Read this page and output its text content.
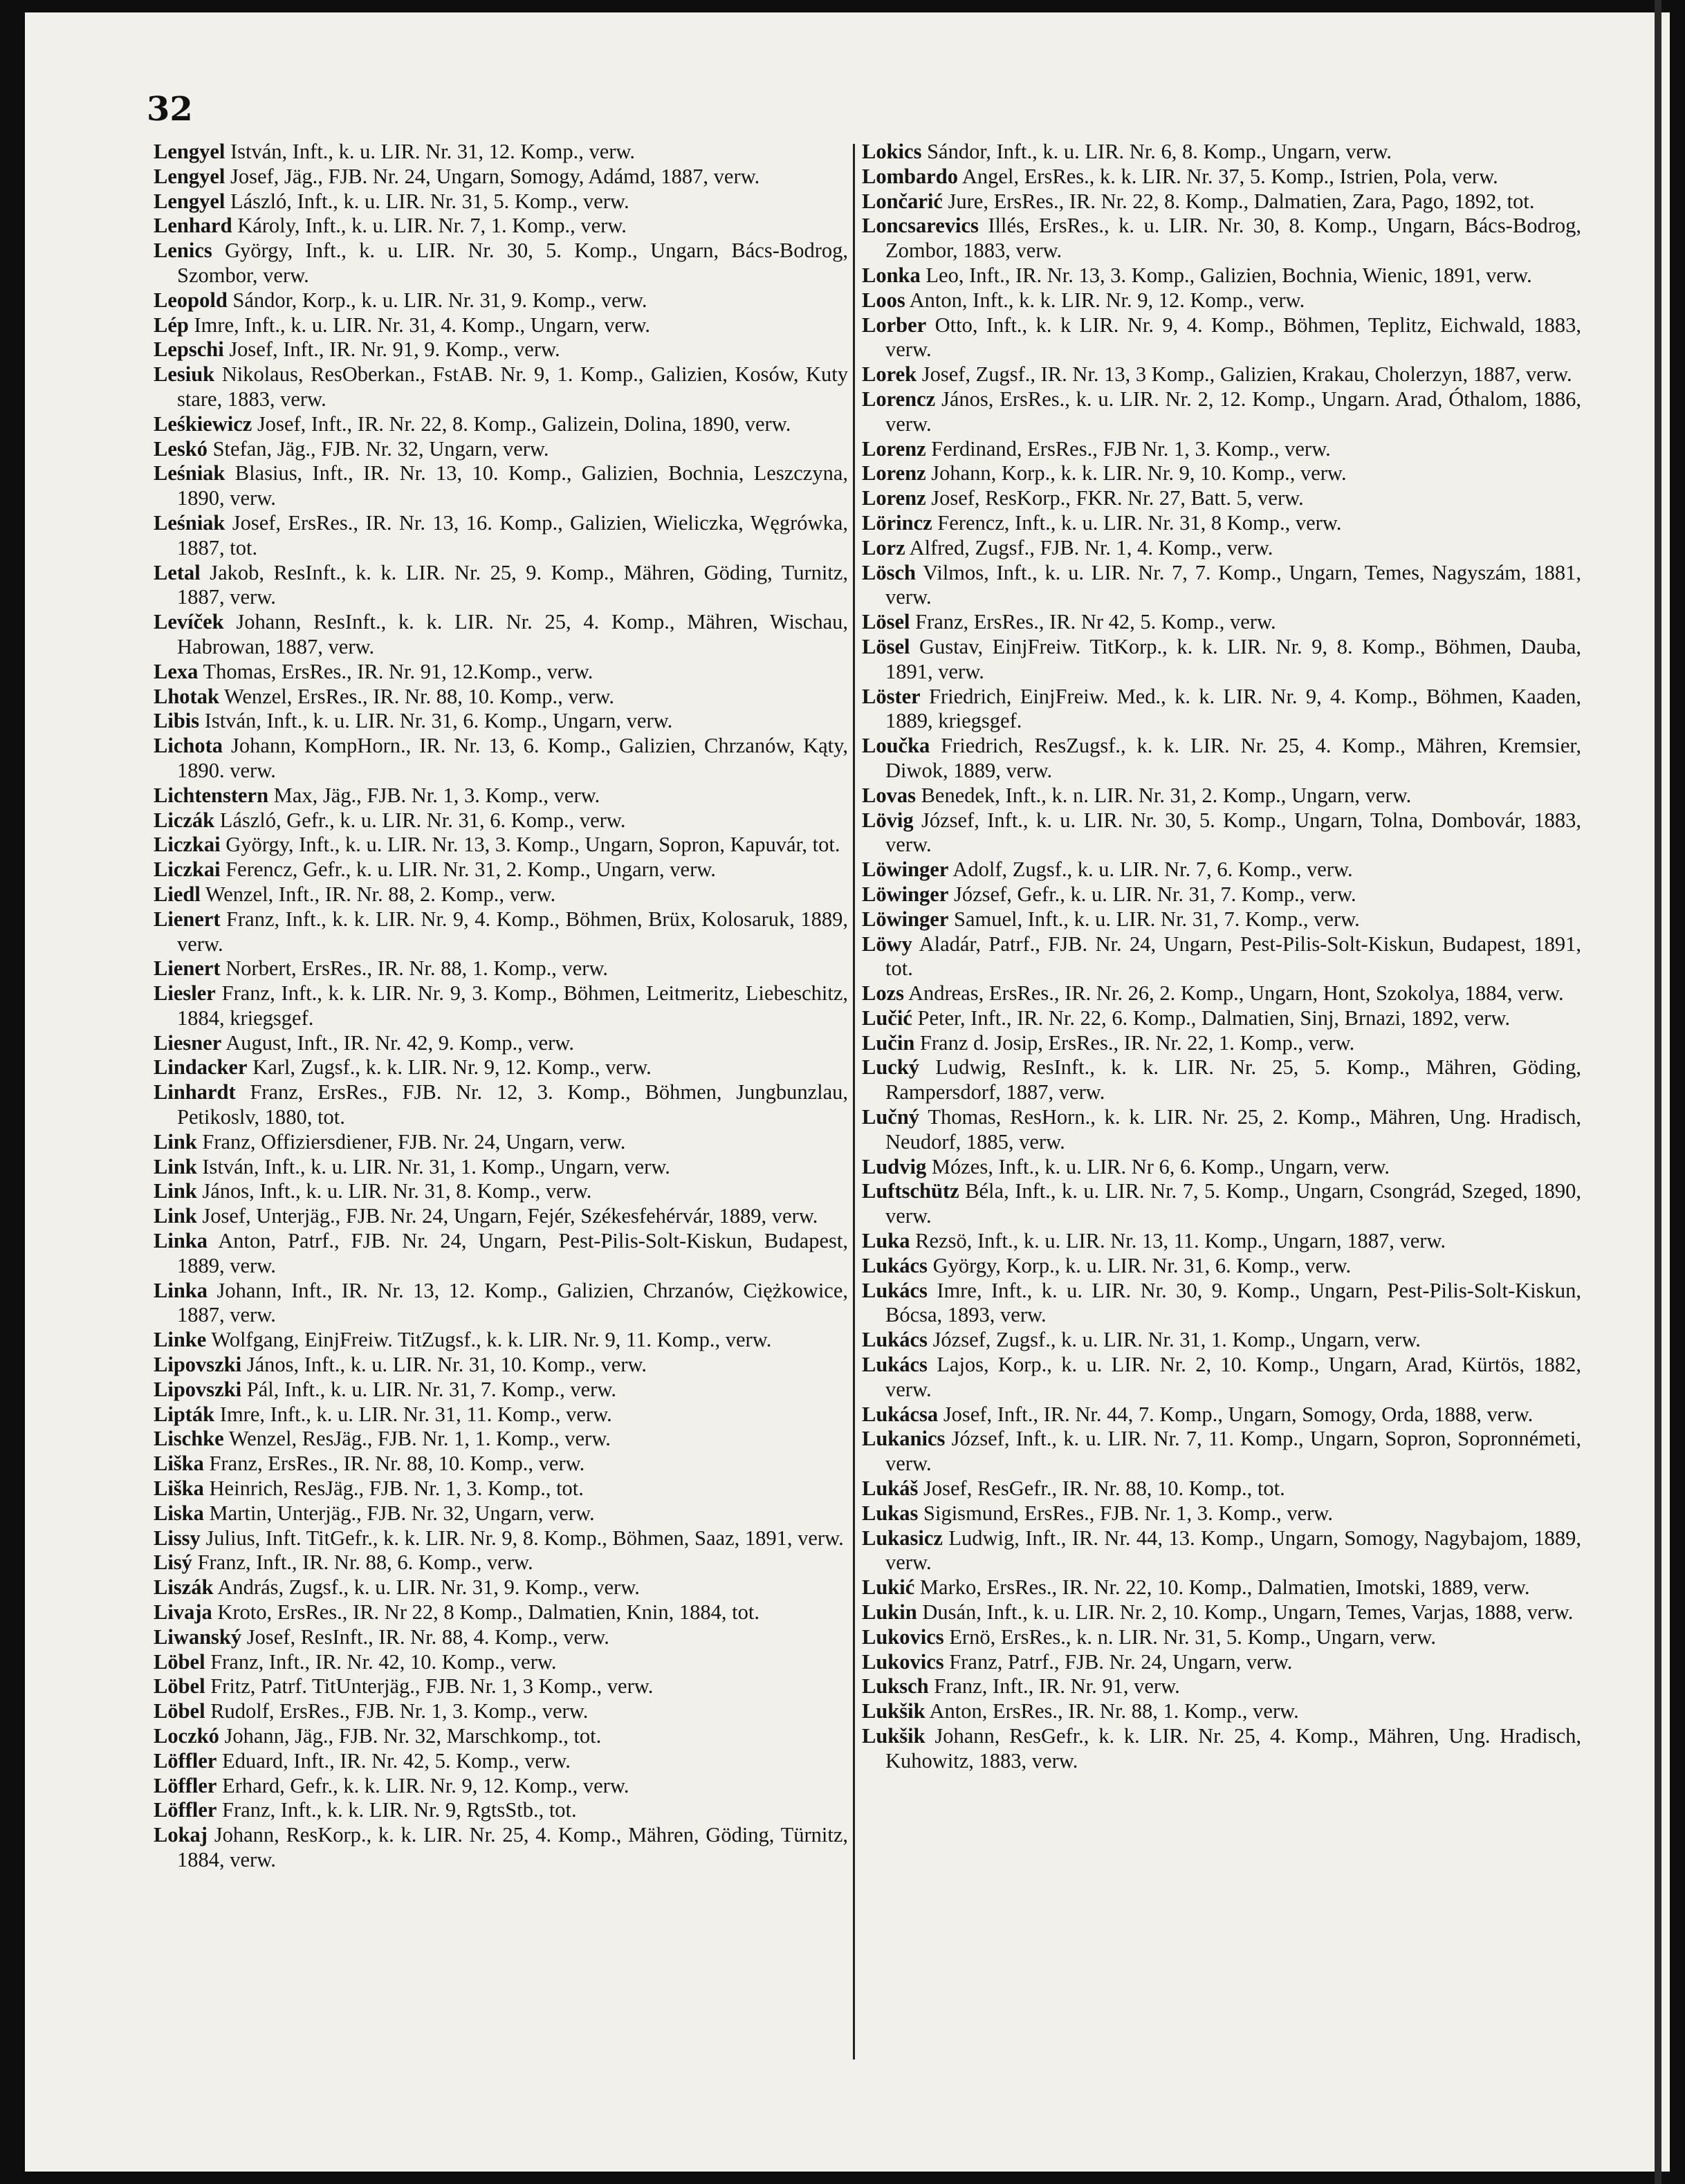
32

Lengyel István, Inft., k. u. LIR. Nr. 31, 12. Komp., verw.

Lengyel Josef, Jäg., FJB. Nr. 24, Ungarn, Somogy, Adámd, 1887, verw.

Lengyel László, Inft., k. u. LIR. Nr. 31, 5. Komp., verw.

Lenhard Károly, Inft., k. u. LIR. Nr. 7, 1. Komp., verw.

Lenics György, Inft., k. u. LIR. Nr. 30, 5. Komp., Ungarn, Bács-Bodrog, Szombor, verw.

Leopold Sándor, Korp., k. u. LIR. Nr. 31, 9. Komp., verw.

Lép Imre, Inft., k. u. LIR. Nr. 31, 4. Komp., Ungarn, verw.

Lepschi Josef, Inft., IR. Nr. 91, 9. Komp., verw.

Lesiuk Nikolaus, ResOberkan., FstAB. Nr. 9, 1. Komp., Galizien, Kosów, Kuty stare, 1883, verw.

Leśkiewicz Josef, Inft., IR. Nr. 22, 8. Komp., Galizein, Dolina, 1890, verw.

Leskó Stefan, Jäg., FJB. Nr. 32, Ungarn, verw.

Leśniak Blasius, Inft., IR. Nr. 13, 10. Komp., Galizien, Bochnia, Leszczyna, 1890, verw.

Leśniak Josef, ErsRes., IR. Nr. 13, 16. Komp., Galizien, Wieliczka, Węgrówka, 1887, tot.

Letal Jakob, ResInft., k. k. LIR. Nr. 25, 9. Komp., Mähren, Göding, Turnitz, 1887, verw.

Levíček Johann, ResInft., k. k. LIR. Nr. 25, 4. Komp., Mähren, Wischau, Habrowan, 1887, verw.

Lexa Thomas, ErsRes., IR. Nr. 91, 12.Komp., verw.

Lhotak Wenzel, ErsRes., IR. Nr. 88, 10. Komp., verw.

Libis István, Inft., k. u. LIR. Nr. 31, 6. Komp., Ungarn, verw.

Lichota Johann, KompHorn., IR. Nr. 13, 6. Komp., Galizien, Chrzanów, Kąty, 1890. verw.

Lichtenstern Max, Jäg., FJB. Nr. 1, 3. Komp., verw.

Liczák László, Gefr., k. u. LIR. Nr. 31, 6. Komp., verw.

Liczkai György, Inft., k. u. LIR. Nr. 13, 3. Komp., Ungarn, Sopron, Kapuvár, tot.

Liczkai Ferencz, Gefr., k. u. LIR. Nr. 31, 2. Komp., Ungarn, verw.

Liedl Wenzel, Inft., IR. Nr. 88, 2. Komp., verw.

Lienert Franz, Inft., k. k. LIR. Nr. 9, 4. Komp., Böhmen, Brüx, Kolosaruk, 1889, verw.

Lienert Norbert, ErsRes., IR. Nr. 88, 1. Komp., verw.

Liesler Franz, Inft., k. k. LIR. Nr. 9, 3. Komp., Böhmen, Leitmeritz, Liebeschitz, 1884, kriegsgef.

Liesner August, Inft., IR. Nr. 42, 9. Komp., verw.

Lindacker Karl, Zugsf., k. k. LIR. Nr. 9, 12. Komp., verw.

Linhardt Franz, ErsRes., FJB. Nr. 12, 3. Komp., Böhmen, Jungbunzlau, Petikoslv, 1880, tot.

Link Franz, Offiziersdiener, FJB. Nr. 24, Ungarn, verw.

Link István, Inft., k. u. LIR. Nr. 31, 1. Komp., Ungarn, verw.

Link János, Inft., k. u. LIR. Nr. 31, 8. Komp., verw.

Link Josef, Unterjäg., FJB. Nr. 24, Ungarn, Fejér, Székesfehérvár, 1889, verw.

Linka Anton, Patrf., FJB. Nr. 24, Ungarn, Pest-Pilis-Solt-Kiskun, Budapest, 1889, verw.

Linka Johann, Inft., IR. Nr. 13, 12. Komp., Galizien, Chrzanów, Ciężkowice, 1887, verw.

Linke Wolfgang, EinjFreiw. TitZugsf., k. k. LIR. Nr. 9, 11. Komp., verw.

Lipovszki János, Inft., k. u. LIR. Nr. 31, 10. Komp., verw.

Lipovszki Pál, Inft., k. u. LIR. Nr. 31, 7. Komp., verw.

Lipták Imre, Inft., k. u. LIR. Nr. 31, 11. Komp., verw.

Lischke Wenzel, ResJäg., FJB. Nr. 1, 1. Komp., verw.

Liška Franz, ErsRes., IR. Nr. 88, 10. Komp., verw.

Liška Heinrich, ResJäg., FJB. Nr. 1, 3. Komp., tot.

Liska Martin, Unterjäg., FJB. Nr. 32, Ungarn, verw.

Lissy Julius, Inft. TitGefr., k. k. LIR. Nr. 9, 8. Komp., Böhmen, Saaz, 1891, verw.

Lisý Franz, Inft., IR. Nr. 88, 6. Komp., verw.

Liszák András, Zugsf., k. u. LIR. Nr. 31, 9. Komp., verw.

Livaja Kroto, ErsRes., IR. Nr 22, 8 Komp., Dalmatien, Knin, 1884, tot.

Liwanský Josef, ResInft., IR. Nr. 88, 4. Komp., verw.

Löbel Franz, Inft., IR. Nr. 42, 10. Komp., verw.

Löbel Fritz, Patrf. TitUnterjäg., FJB. Nr. 1, 3 Komp., verw.

Löbel Rudolf, ErsRes., FJB. Nr. 1, 3. Komp., verw.

Loczkó Johann, Jäg., FJB. Nr. 32, Marschkomp., tot.

Löffler Eduard, Inft., IR. Nr. 42, 5. Komp., verw.

Löffler Erhard, Gefr., k. k. LIR. Nr. 9, 12. Komp., verw.

Löffler Franz, Inft., k. k. LIR. Nr. 9, RgtsStb., tot.

Lokaj Johann, ResKorp., k. k. LIR. Nr. 25, 4. Komp., Mähren, Göding, Türnitz, 1884, verw.

Lokics Sándor, Inft., k. u. LIR. Nr. 6, 8. Komp., Ungarn, verw.

Lombardo Angel, ErsRes., k. k. LIR. Nr. 37, 5. Komp., Istrien, Pola, verw.

Lončarić Jure, ErsRes., IR. Nr. 22, 8. Komp., Dalmatien, Zara, Pago, 1892, tot.

Loncsarevics Illés, ErsRes., k. u. LIR. Nr. 30, 8. Komp., Ungarn, Bács-Bodrog, Zombor, 1883, verw.

Lonka Leo, Inft., IR. Nr. 13, 3. Komp., Galizien, Bochnia, Wienic, 1891, verw.

Loos Anton, Inft., k. k. LIR. Nr. 9, 12. Komp., verw.

Lorber Otto, Inft., k. k LIR. Nr. 9, 4. Komp., Böhmen, Teplitz, Eichwald, 1883, verw.

Lorek Josef, Zugsf., IR. Nr. 13, 3 Komp., Galizien, Krakau, Cholerzyn, 1887, verw.

Lorencz János, ErsRes., k. u. LIR. Nr. 2, 12. Komp., Ungarn. Arad, Óthalom, 1886, verw.

Lorenz Ferdinand, ErsRes., FJB Nr. 1, 3. Komp., verw.

Lorenz Johann, Korp., k. k. LIR. Nr. 9, 10. Komp., verw.

Lorenz Josef, ResKorp., FKR. Nr. 27, Batt. 5, verw.

Lörincz Ferencz, Inft., k. u. LIR. Nr. 31, 8 Komp., verw.

Lorz Alfred, Zugsf., FJB. Nr. 1, 4. Komp., verw.

Lösch Vilmos, Inft., k. u. LIR. Nr. 7, 7. Komp., Ungarn, Temes, Nagyszám, 1881, verw.

Lösel Franz, ErsRes., IR. Nr 42, 5. Komp., verw.

Lösel Gustav, EinjFreiw. TitKorp., k. k. LIR. Nr. 9, 8. Komp., Böhmen, Dauba, 1891, verw.

Löster Friedrich, EinjFreiw. Med., k. k. LIR. Nr. 9, 4. Komp., Böhmen, Kaaden, 1889, kriegsgef.

Loučka Friedrich, ResZugsf., k. k. LIR. Nr. 25, 4. Komp., Mähren, Kremsier, Diwok, 1889, verw.

Lovas Benedek, Inft., k. n. LIR. Nr. 31, 2. Komp., Ungarn, verw.

Lövig József, Inft., k. u. LIR. Nr. 30, 5. Komp., Ungarn, Tolna, Dombovár, 1883, verw.

Löwinger Adolf, Zugsf., k. u. LIR. Nr. 7, 6. Komp., verw.

Löwinger József, Gefr., k. u. LIR. Nr. 31, 7. Komp., verw.

Löwinger Samuel, Inft., k. u. LIR. Nr. 31, 7. Komp., verw.

Löwy Aladár, Patrf., FJB. Nr. 24, Ungarn, Pest-Pilis-Solt-Kiskun, Budapest, 1891, tot.

Lozs Andreas, ErsRes., IR. Nr. 26, 2. Komp., Ungarn, Hont, Szokolya, 1884, verw.

Lučić Peter, Inft., IR. Nr. 22, 6. Komp., Dalmatien, Sinj, Brnazi, 1892, verw.

Lučin Franz d. Josip, ErsRes., IR. Nr. 22, 1. Komp., verw.

Lucký Ludwig, ResInft., k. k. LIR. Nr. 25, 5. Komp., Mähren, Göding, Rampersdorf, 1887, verw.

Lučný Thomas, ResHorn., k. k. LIR. Nr. 25, 2. Komp., Mähren, Ung. Hradisch, Neudorf, 1885, verw.

Ludvig Mózes, Inft., k. u. LIR. Nr 6, 6. Komp., Ungarn, verw.

Luftschütz Béla, Inft., k. u. LIR. Nr. 7, 5. Komp., Ungarn, Csongrád, Szeged, 1890, verw.

Luka Rezsö, Inft., k. u. LIR. Nr. 13, 11. Komp., Ungarn, 1887, verw.

Lukács György, Korp., k. u. LIR. Nr. 31, 6. Komp., verw.

Lukács Imre, Inft., k. u. LIR. Nr. 30, 9. Komp., Ungarn, Pest-Pilis-Solt-Kiskun, Bócsa, 1893, verw.

Lukács József, Zugsf., k. u. LIR. Nr. 31, 1. Komp., Ungarn, verw.

Lukács Lajos, Korp., k. u. LIR. Nr. 2, 10. Komp., Ungarn, Arad, Kürtös, 1882, verw.

Lukácsa Josef, Inft., IR. Nr. 44, 7. Komp., Ungarn, Somogy, Orda, 1888, verw.

Lukanics József, Inft., k. u. LIR. Nr. 7, 11. Komp., Ungarn, Sopron, Sopronnémeti, verw.

Lukáš Josef, ResGefr., IR. Nr. 88, 10. Komp., tot.

Lukas Sigismund, ErsRes., FJB. Nr. 1, 3. Komp., verw.

Lukasicz Ludwig, Inft., IR. Nr. 44, 13. Komp., Ungarn, Somogy, Nagybajom, 1889, verw.

Lukić Marko, ErsRes., IR. Nr. 22, 10. Komp., Dalmatien, Imotski, 1889, verw.

Lukin Dusán, Inft., k. u. LIR. Nr. 2, 10. Komp., Ungarn, Temes, Varjas, 1888, verw.

Lukovics Ernö, ErsRes., k. n. LIR. Nr. 31, 5. Komp., Ungarn, verw.

Lukovics Franz, Patrf., FJB. Nr. 24, Ungarn, verw.

Luksch Franz, Inft., IR. Nr. 91, verw.

Lukšik Anton, ErsRes., IR. Nr. 88, 1. Komp., verw.

Lukšik Johann, ResGefr., k. k. LIR. Nr. 25, 4. Komp., Mähren, Ung. Hradisch, Kuhowitz, 1883, verw.
